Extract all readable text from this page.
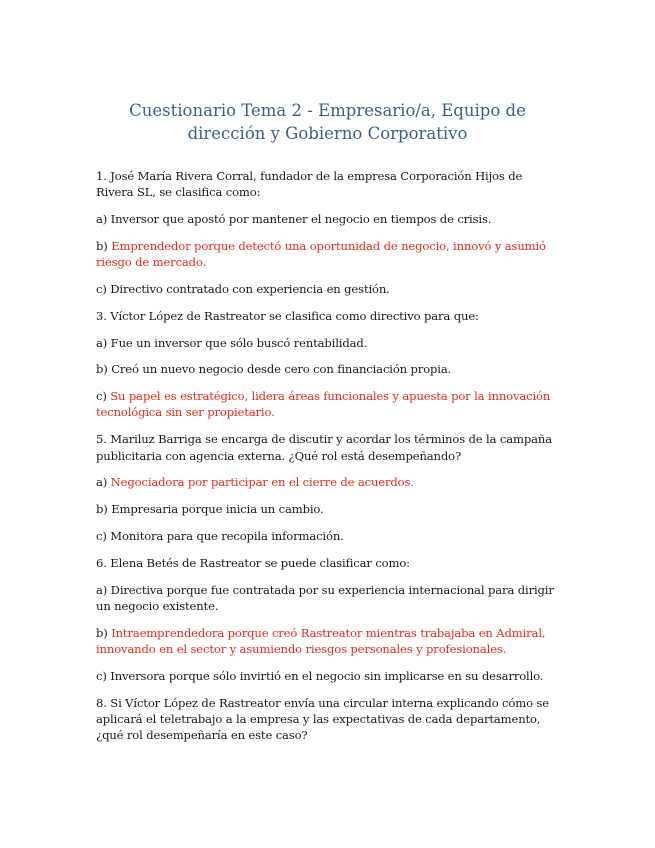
Cuestionario Tema 2 - Empresario/a, Equipo de dirección y Gobierno Corporativo

1. José María Rivera Corral, fundador de la empresa Corporación Hijos de Rivera SL, se clasifica como:

a) Inversor que apostó por mantener el negocio en tiempos de crisis.

b) Emprendedor porque detectó una oportunidad de negocio, innovó y asumió riesgo de mercado.

c) Directivo contratado con experiencia en gestión.

3. Víctor López de Rastreator se clasifica como directivo para que:

a) Fue un inversor que sólo buscó rentabilidad.

b) Creó un nuevo negocio desde cero con financiación propia.

c) Su papel es estratégico, lidera áreas funcionales y apuesta por la innovación tecnológica sin ser propietario.

5. Mariluz Barriga se encarga de discutir y acordar los términos de la campaña publicitaria con agencia externa. ¿Qué rol está desempeñando?

a) Negociadora por participar en el cierre de acuerdos.

b) Empresaria porque inicia un cambio.

c) Monitora para que recopila información.

6. Elena Betés de Rastreator se puede clasificar como:

a) Directiva porque fue contratada por su experiencia internacional para dirigir un negocio existente.

b) Intraemprendedora porque creó Rastreator mientras trabajaba en Admiral, innovando en el sector y asumiendo riesgos personales y profesionales.

c) Inversora porque sólo invirtió en el negocio sin implicarse en su desarrollo.

8. Si Víctor López de Rastreator envía una circular interna explicando cómo se aplicará el teletrabajo a la empresa y las expectativas de cada departamento, ¿qué rol desempeñaría en este caso?
